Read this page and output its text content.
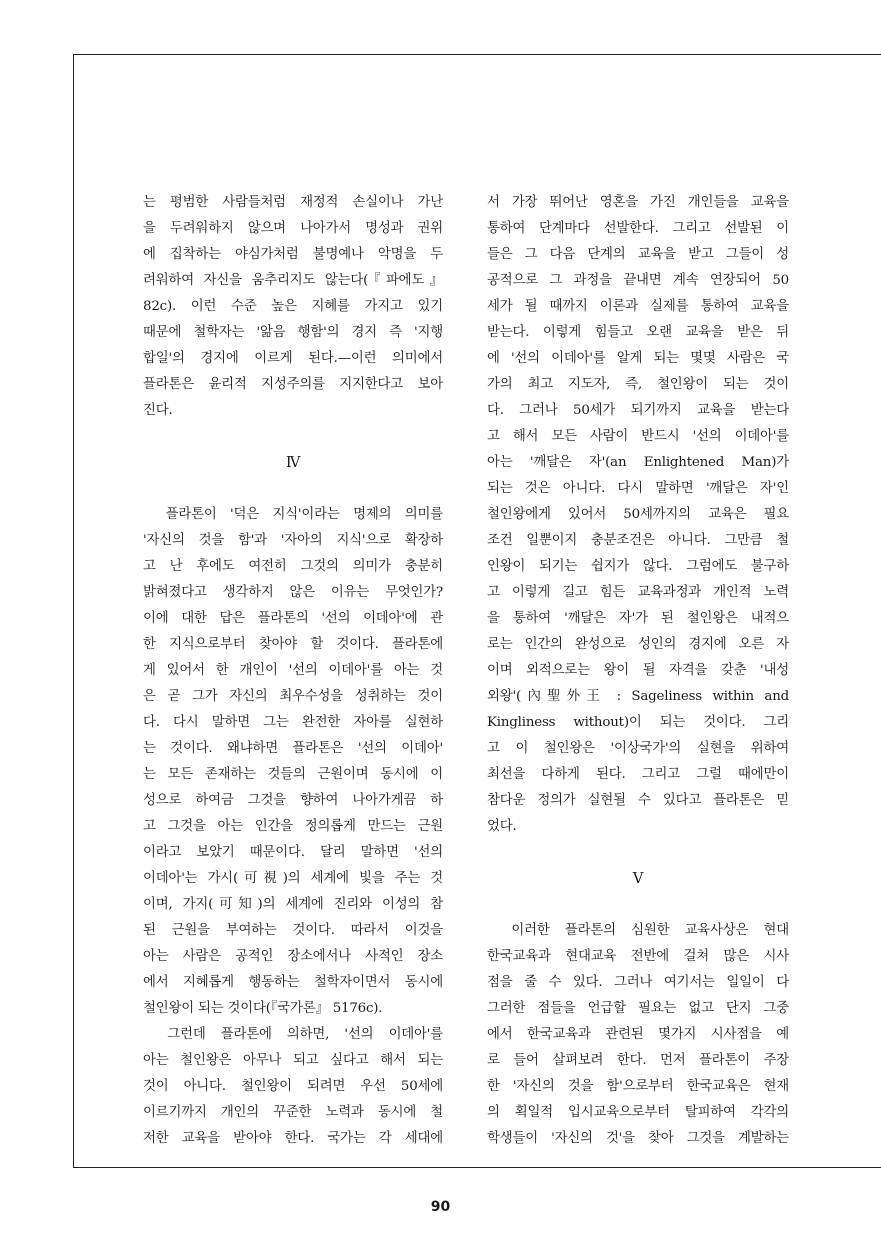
는 평범한 사람들처럼 재정적 손실이나 가난
을 두려워하지 않으며 나아가서 명성과 권위
에 집착하는 야심가처럼 불명예나 악명을 두
려워하여 자신을 움추리지도 않는다(『파에도』
82c). 이런 수준 높은 지혜를 가지고 있기
때문에 철학자는 '앎음 행함'의 경지 즉 '지행
합일'의 경지에 이르게 된다.—이런 의미에서
플라톤은 윤리적 지성주의를 지지한다고 보아
진다.
Ⅳ
　플라톤이 '덕은 지식'이라는 명제의 의미를
'자신의 것을 함'과 '자아의 지식'으로 확장하
고 난 후에도 여전히 그것의 의미가 충분히
밝혀졌다고 생각하지 않은 이유는 무엇인가?
이에 대한 답은 플라톤의 '선의 이데아'에 관
한 지식으로부터 찾아야 할 것이다. 플라톤에
게 있어서 한 개인이 '선의 이데아'를 아는 것
은 곧 그가 자신의 최우수성을 성취하는 것이
다. 다시 말하면 그는 완전한 자아를 실현하
는 것이다. 왜냐하면 플라톤은 '선의 이데아'
는 모든 존재하는 것들의 근원이며 동시에 이
성으로 하여금 그것을 향하여 나아가게끔 하
고 그것을 아는 인간을 정의롭게 만드는 근원
이라고 보았기 때문이다. 달리 말하면 '선의
이데아'는 가시(可視)의 세계에 빛을 주는 것
이며, 가지(可知)의 세계에 진리와 이성의 참
된 근원을 부여하는 것이다. 따라서 이것을
아는 사람은 공적인 장소에서나 사적인 장소
에서 지혜롭게 행동하는 철학자이면서 동시에
철인왕이 되는 것이다(『국가론』 5176c).
　그런데 플라톤에 의하면, '선의 이데아'를
아는 철인왕은 아무나 되고 싶다고 해서 되는
것이 아니다. 철인왕이 되려면 우선 50세에
이르기까지 개인의 꾸준한 노력과 동시에 철
저한 교육을 받아야 한다. 국가는 각 세대에
서 가장 뛰어난 영혼을 가진 개인들을 교육을
통하여 단계마다 선발한다. 그리고 선발된 이
들은 그 다음 단계의 교육을 받고 그들이 성
공적으로 그 과정을 끝내면 계속 연장되어 50
세가 될 때까지 이론과 실제를 통하여 교육을
받는다. 이렇게 힘들고 오랜 교육을 받은 뒤
에 '선의 이데아'를 알게 되는 몇몇 사람은 국
가의 최고 지도자, 즉, 철인왕이 되는 것이
다. 그러나 50세가 되기까지 교육을 받는다
고 해서 모든 사람이 반드시 '선의 이데아'를
아는 '깨달은 자'(an Enlightened Man)가
되는 것은 아니다. 다시 말하면 '깨달은 자'인
철인왕에게 있어서 50세까지의 교육은 필요
조건 일뿐이지 충분조건은 아니다. 그만큼 철
인왕이 되기는 쉽지가 않다. 그럼에도 불구하
고 이렇게 길고 힘든 교육과정과 개인적 노력
을 통하여 '깨달은 자'가 된 철인왕은 내적으
로는 인간의 완성으로 성인의 경지에 오른 자
이며 외적으로는 왕이 될 자격을 갖춘 '내성
외왕'(內聖外王 : Sageliness within and
Kingliness without)이 되는 것이다. 그리
고 이 철인왕은 '이상국가'의 실현을 위하여
최선을 다하게 된다. 그리고 그럴 때에만이
참다운 정의가 실현될 수 있다고 플라톤은 믿
었다.
Ⅴ
　이러한 플라톤의 심원한 교육사상은 현대
한국교육과 현대교육 전반에 걸쳐 많은 시사
점을 줄 수 있다. 그러나 여기서는 일일이 다
그러한 점들을 언급할 필요는 없고 단지 그중
에서 한국교육과 관련된 몇가지 시사점을 예
로 들어 살펴보려 한다. 먼저 플라톤이 주장
한 '자신의 것을 함'으로부터 한국교육은 현재
의 획일적 입시교육으로부터 탈피하여 각각의
학생들이 '자신의 것'을 찾아 그것을 계발하는
90
